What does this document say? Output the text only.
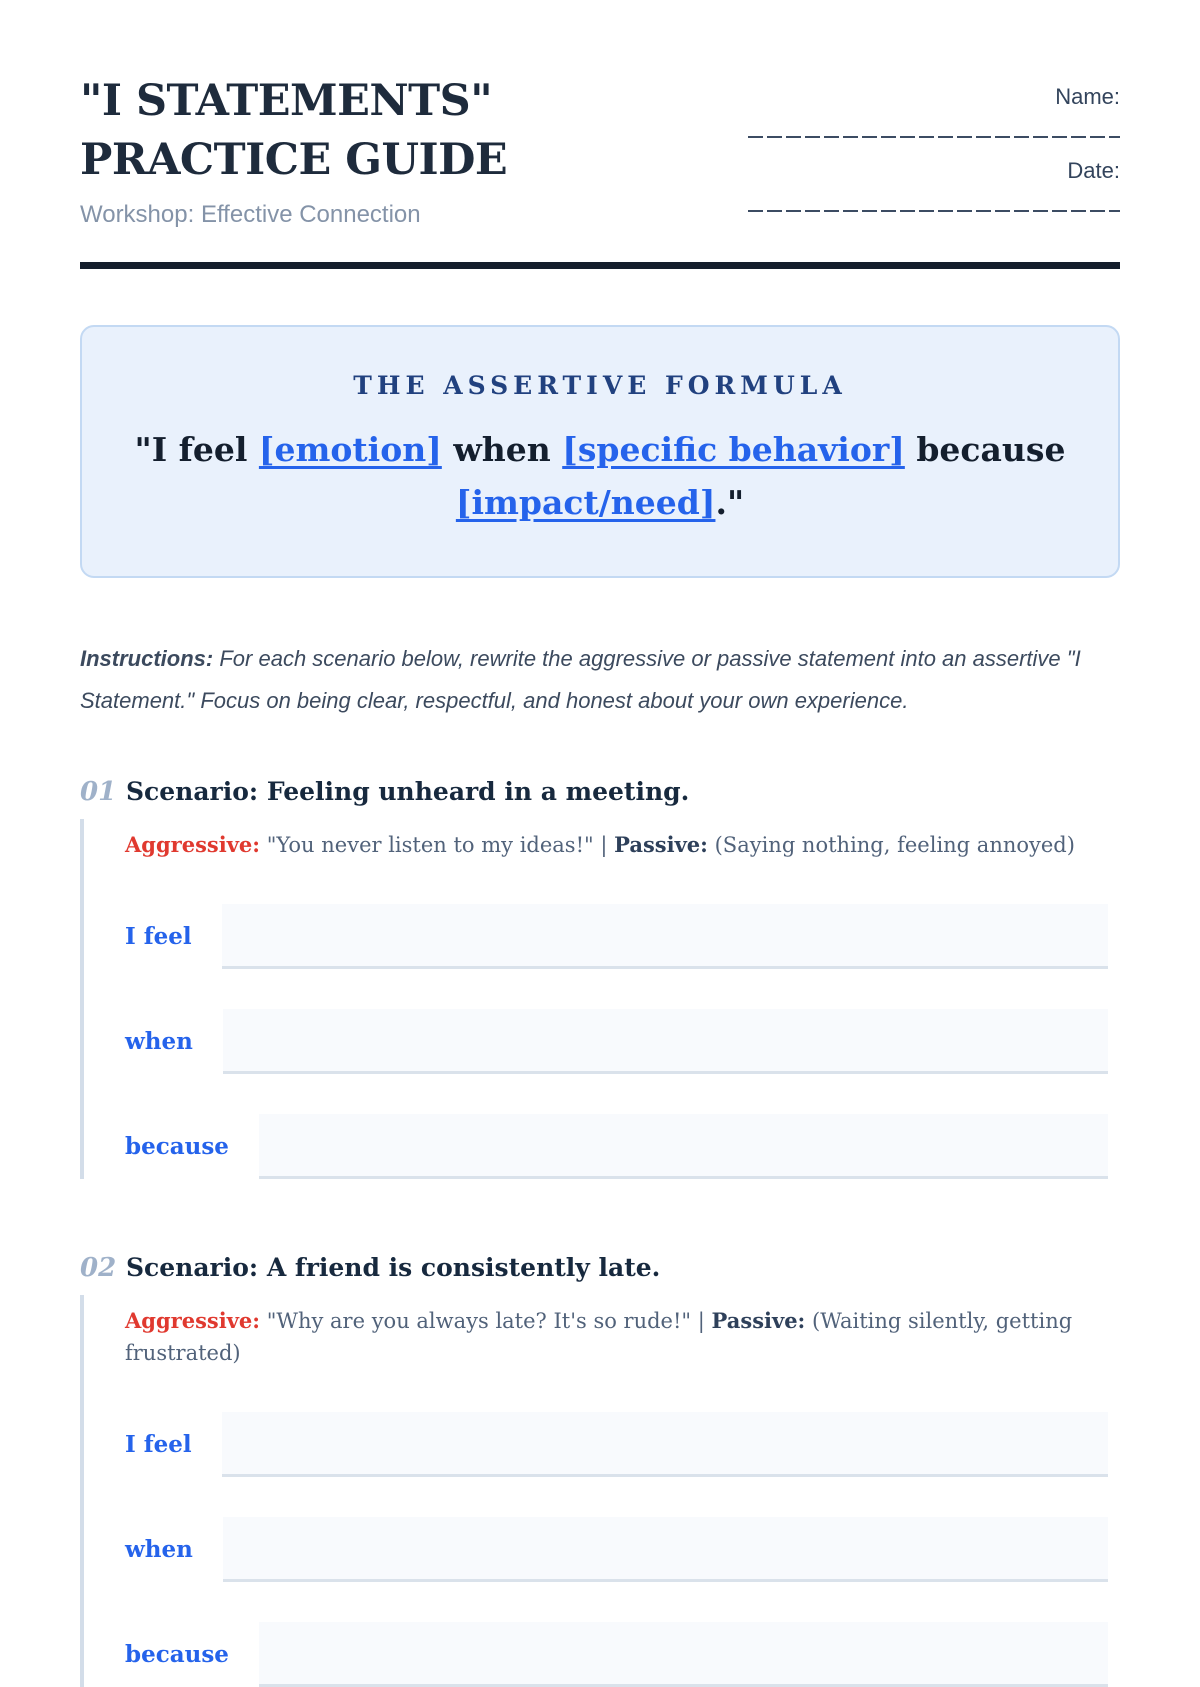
"I STATEMENTS" PRACTICE GUIDE
Workshop: Effective Connection
Name:
Date:
THE ASSERTIVE FORMULA
"I feel [emotion] when [specific behavior] because
[impact/need]."

Instructions: For each scenario below, rewrite the aggressive or passive statement into an assertive "I Statement." Focus on being clear, respectful, and honest about your own experience.

01 Scenario: Feeling unheard in a meeting.

Aggressive: "You never listen to my ideas!" | Passive: (Saying nothing, feeling annoyed)

I feel
when
because
02 Scenario: A friend is consistently late.

Aggressive: "Why are you always late? It's so rude!" | Passive: (Waiting silently, getting frustrated)

I feel
when
because
